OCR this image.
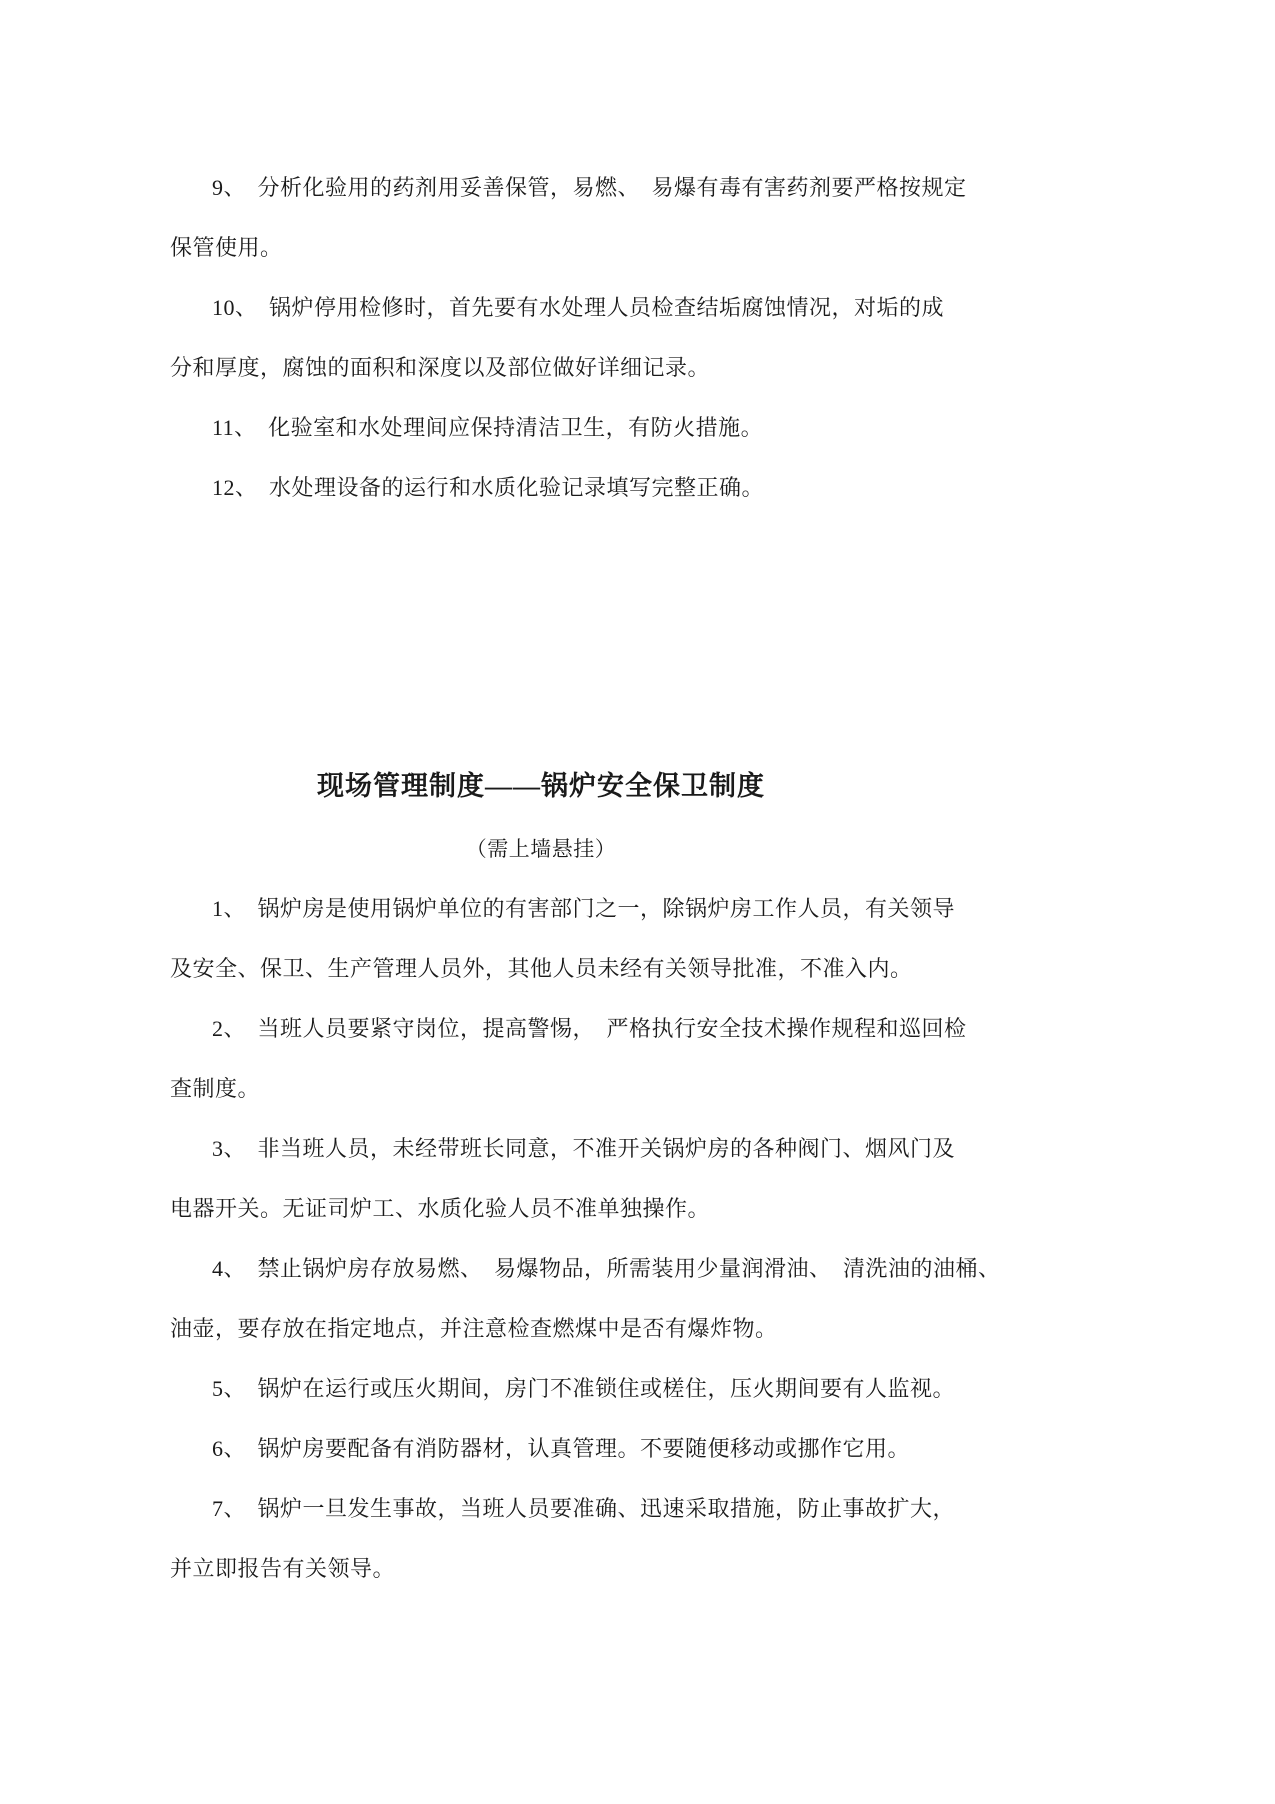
9、　分析化验用的药剂用妥善保管，易燃、　易爆有毒有害药剂要严格按规定
保管使用。
10、　锅炉停用检修时，首先要有水处理人员检查结垢腐蚀情况，对垢的成
分和厚度，腐蚀的面积和深度以及部位做好详细记录。
11、　化验室和水处理间应保持清洁卫生，有防火措施。
12、　水处理设备的运行和水质化验记录填写完整正确。
现场管理制度——锅炉安全保卫制度
（需上墙悬挂）
1、　锅炉房是使用锅炉单位的有害部门之一，除锅炉房工作人员，有关领导
及安全、保卫、生产管理人员外，其他人员未经有关领导批准，不准入内。
2、　当班人员要紧守岗位，提高警惕，　严格执行安全技术操作规程和巡回检
查制度。
3、　非当班人员，未经带班长同意，不准开关锅炉房的各种阀门、烟风门及
电器开关。无证司炉工、水质化验人员不准单独操作。
4、　禁止锅炉房存放易燃、　易爆物品，所需装用少量润滑油、　清洗油的油桶、
油壶，要存放在指定地点，并注意检查燃煤中是否有爆炸物。
5、　锅炉在运行或压火期间，房门不准锁住或槎住，压火期间要有人监视。
6、　锅炉房要配备有消防器材，认真管理。不要随便移动或挪作它用。
7、　锅炉一旦发生事故，当班人员要准确、迅速采取措施，防止事故扩大，
并立即报告有关领导。
